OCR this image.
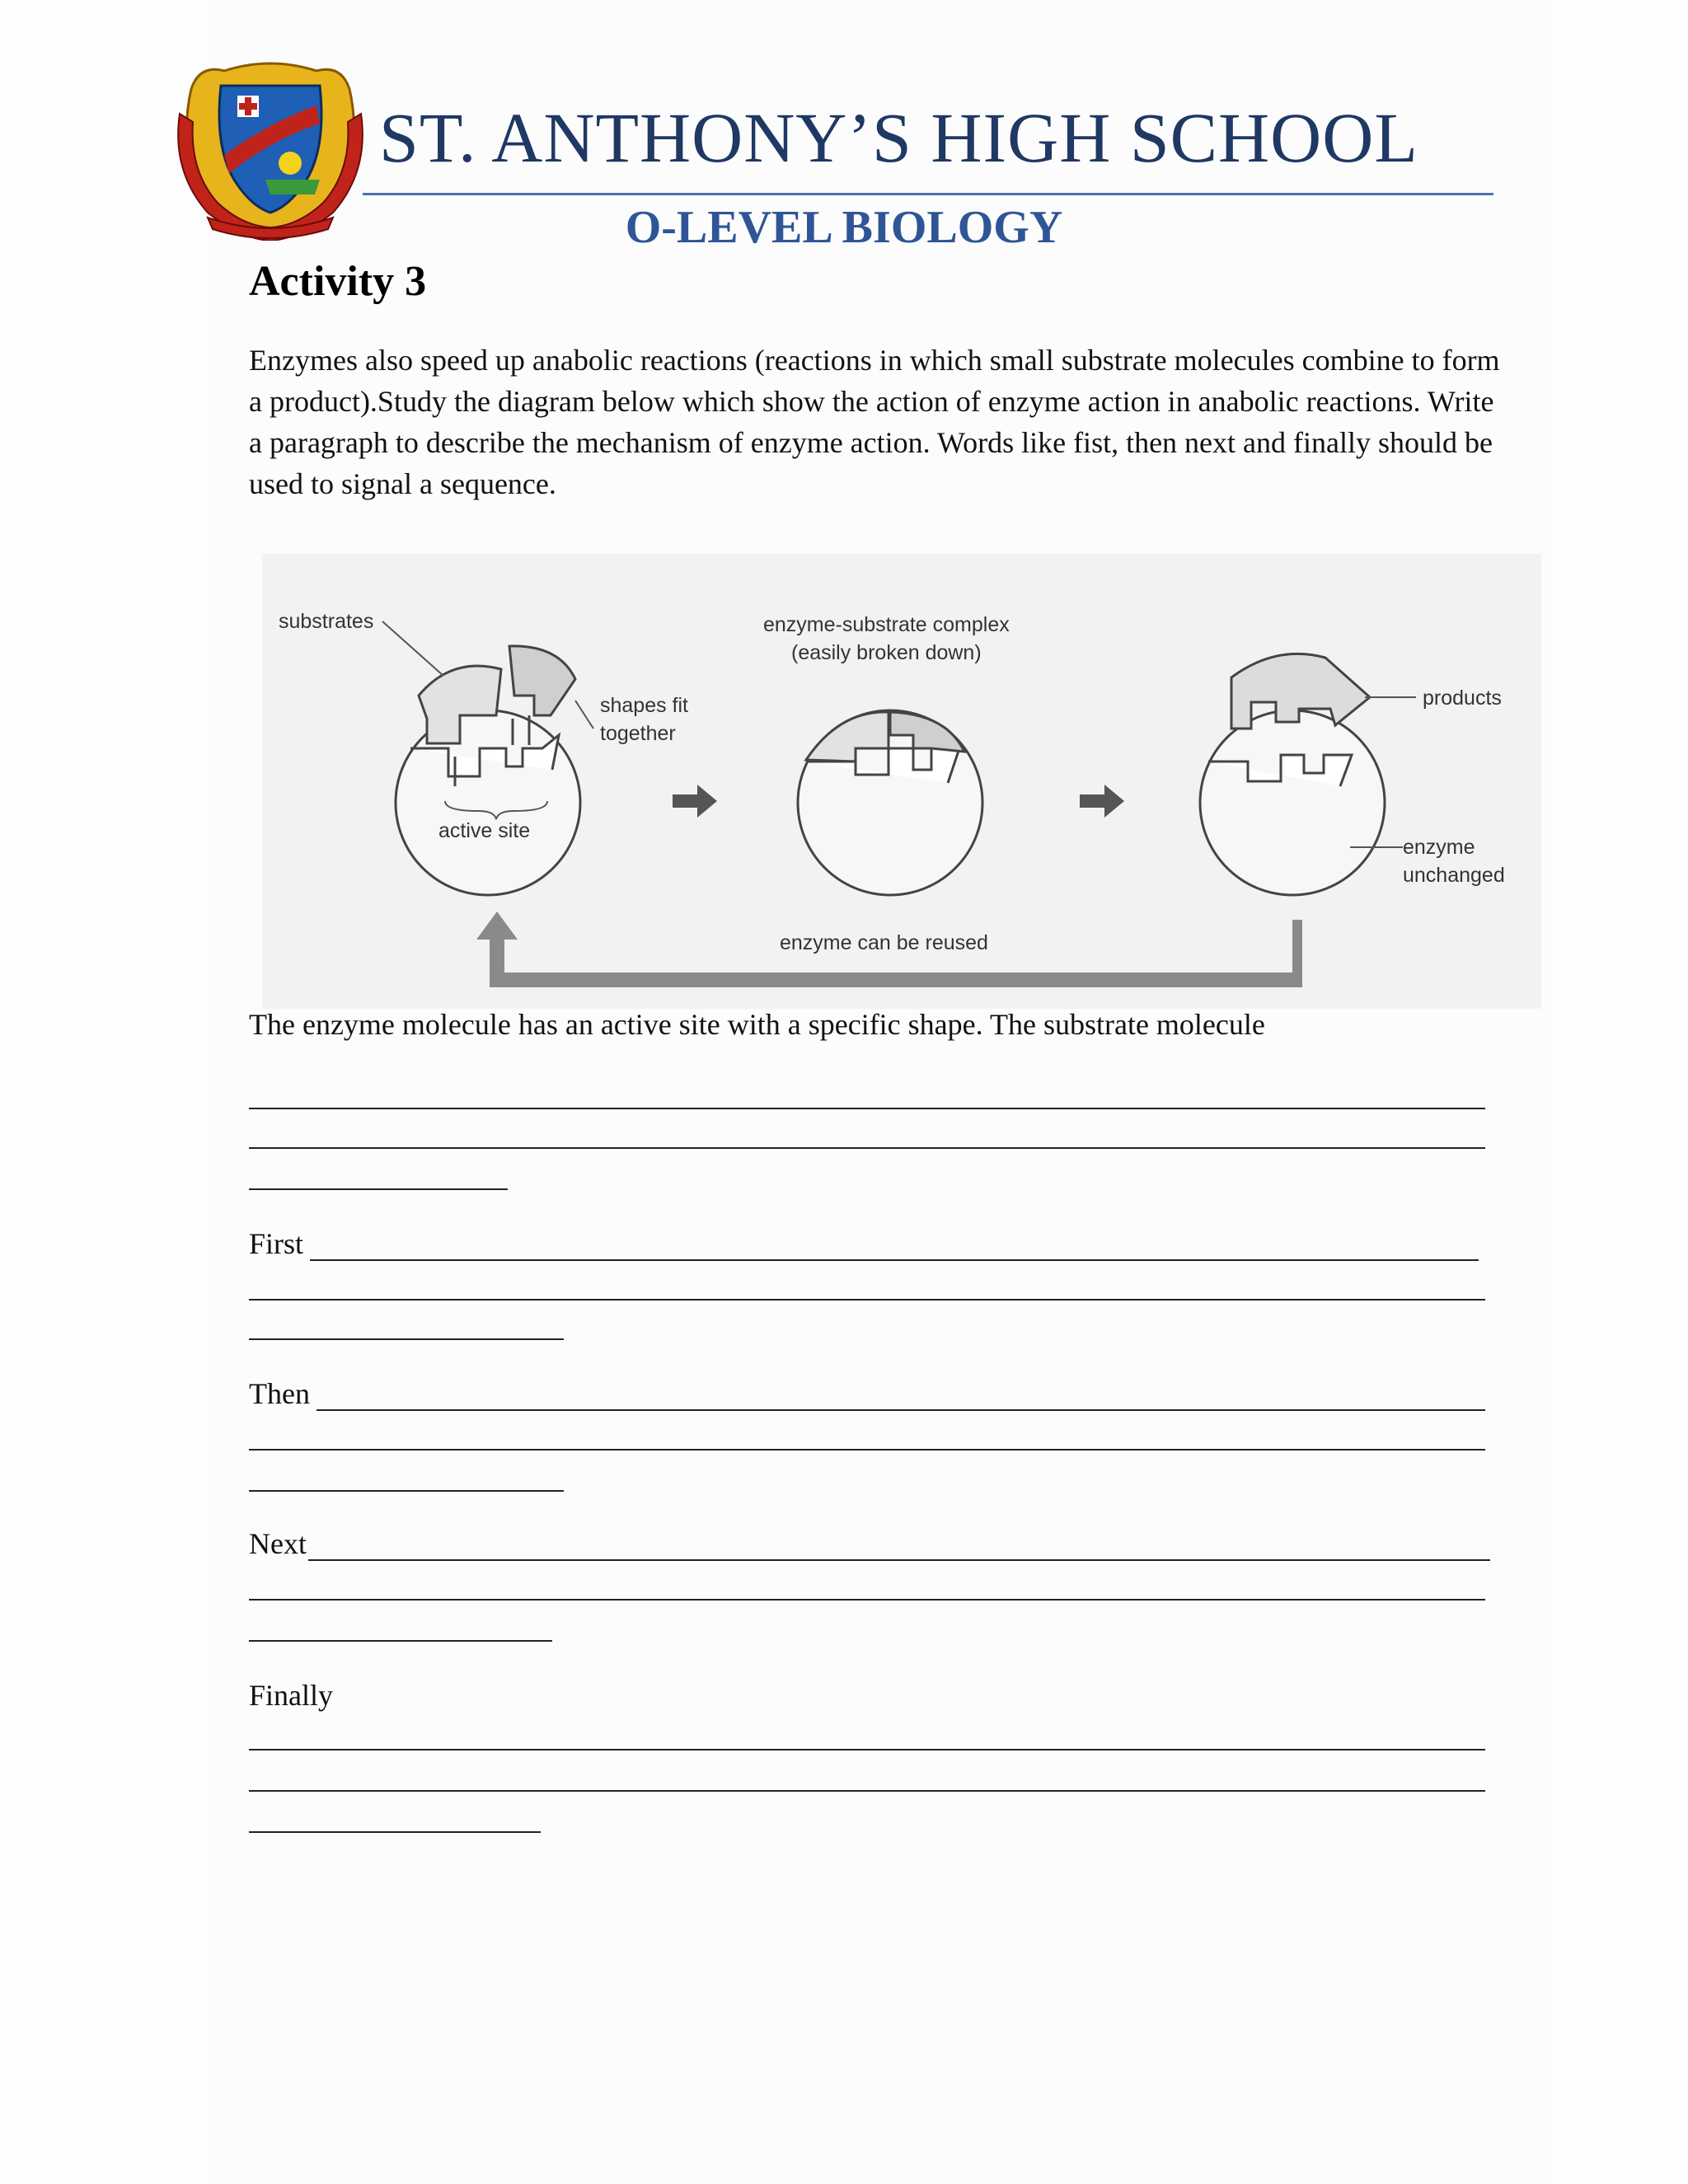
ST. ANTHONY’S HIGH SCHOOL
O-LEVEL BIOLOGY
Activity 3
Enzymes also speed up anabolic reactions (reactions in which small substrate molecules combine to form a product).Study the diagram below which show the action of enzyme action in anabolic reactions. Write a paragraph to describe the mechanism of enzyme action. Words like fist, then next and finally should be used to signal a sequence.
substrates
shapes fit
together
active site
enzyme-substrate complex
(easily broken down)
products
enzyme
unchanged
enzyme can be reused
The enzyme molecule has an active site with a specific shape. The substrate molecule
First
Then
Next
Finally
